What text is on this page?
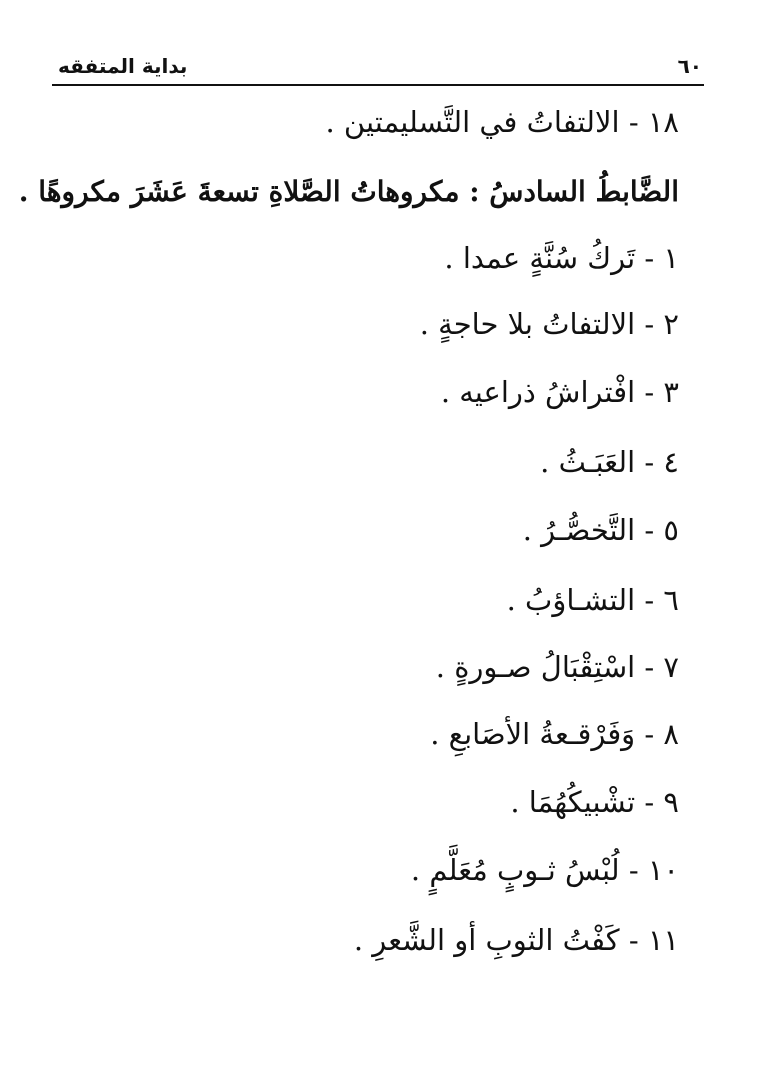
٦٠
بداية المتفقه
١٨ - الالتفاتُ في التَّسليمتين .
الضَّابطُ السادسُ : مكروهاتُ الصَّلاةِ تسعةَ عَشَرَ مكروهًا .
١ - تَركُ سُنَّةٍ عمدا .
٢ - الالتفاتُ بلا حاجةٍ .
٣ - افْتراشُ ذراعيه .
٤ - العَبَـثُ .
٥ - التَّخصُّـرُ .
٦ - التشـاؤبُ .
٧ - اسْتِقْبَالُ صـورةٍ .
٨ - وَفَرْقـعةُ الأصَابعِ .
٩ - تشْبيكُهُمَا .
١٠ - لُبْسُ ثـوبٍ مُعَلَّمٍ .
١١ - كَفْتُ الثوبِ أو الشَّعرِ .
